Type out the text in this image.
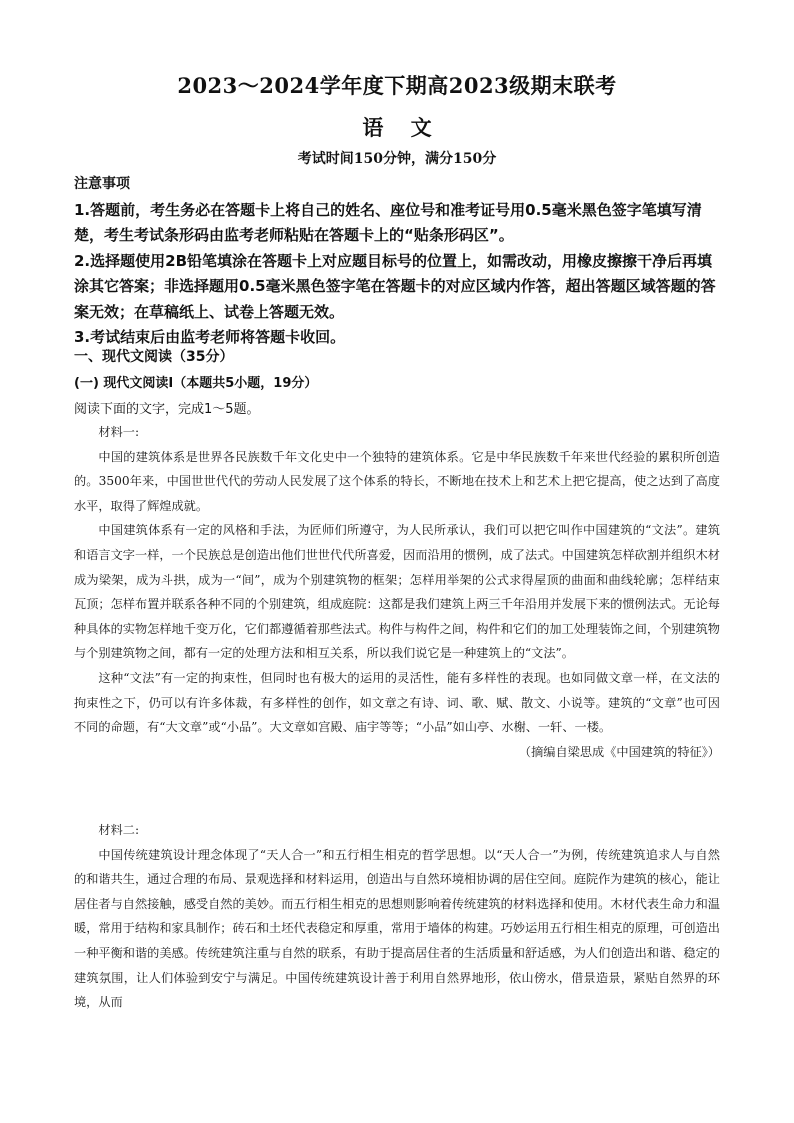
2023～2024学年度下期高2023级期末联考
语 文
考试时间150分钟，满分150分

注意事项

1.答题前，考生务必在答题卡上将自己的姓名、座位号和准考证号用0.5毫米黑色签字笔填写清楚，考生考试条形码由监考老师粘贴在答题卡上的“贴条形码区”。

2.选择题使用2B铅笔填涂在答题卡上对应题目标号的位置上，如需改动，用橡皮擦擦干净后再填涂其它答案；非选择题用0.5毫米黑色签字笔在答题卡的对应区域内作答，超出答题区域答题的答案无效；在草稿纸上、试卷上答题无效。

3.考试结束后由监考老师将答题卡收回。

一、现代文阅读（35分）
(一) 现代文阅读Ⅰ（本题共5小题，19分）
阅读下面的文字，完成1～5题。

材料一:

中国的建筑体系是世界各民族数千年文化史中一个独特的建筑体系。它是中华民族数千年来世代经验的累积所创造的。3500年来，中国世世代代的劳动人民发展了这个体系的特长，不断地在技术上和艺术上把它提高，使之达到了高度水平，取得了辉煌成就。

中国建筑体系有一定的风格和手法，为匠师们所遵守，为人民所承认，我们可以把它叫作中国建筑的“文法”。建筑和语言文字一样，一个民族总是创造出他们世世代代所喜爱，因而沿用的惯例，成了法式。中国建筑怎样砍割并组织木材成为梁架，成为斗拱，成为一“间”，成为个别建筑物的框架；怎样用举架的公式求得屋顶的曲面和曲线轮廓；怎样结束瓦顶；怎样布置并联系各种不同的个别建筑，组成庭院：这都是我们建筑上两三千年沿用并发展下来的惯例法式。无论每种具体的实物怎样地千变万化，它们都遵循着那些法式。构件与构件之间，构件和它们的加工处理装饰之间，个别建筑物与个别建筑物之间，都有一定的处理方法和相互关系，所以我们说它是一种建筑上的“文法”。

这种“文法”有一定的拘束性，但同时也有极大的运用的灵活性，能有多样性的表现。也如同做文章一样，在文法的拘束性之下，仍可以有许多体裁，有多样性的创作，如文章之有诗、词、歌、赋、散文、小说等。建筑的“文章”也可因不同的命题，有“大文章”或“小品”。大文章如宫殿、庙宇等等；“小品”如山亭、水榭、一轩、一楼。

（摘编自梁思成《中国建筑的特征》）

材料二:

中国传统建筑设计理念体现了“天人合一”和五行相生相克的哲学思想。以“天人合一”为例，传统建筑追求人与自然的和谐共生，通过合理的布局、景观选择和材料运用，创造出与自然环境相协调的居住空间。庭院作为建筑的核心，能让居住者与自然接触，感受自然的美妙。而五行相生相克的思想则影响着传统建筑的材料选择和使用。木材代表生命力和温暖，常用于结构和家具制作；砖石和土坯代表稳定和厚重，常用于墙体的构建。巧妙运用五行相生相克的原理，可创造出一种平衡和谐的美感。传统建筑注重与自然的联系，有助于提高居住者的生活质量和舒适感，为人们创造出和谐、稳定的建筑氛围，让人们体验到安宁与满足。中国传统建筑设计善于利用自然界地形，依山傍水，借景造景，紧贴自然界的环境，从而
